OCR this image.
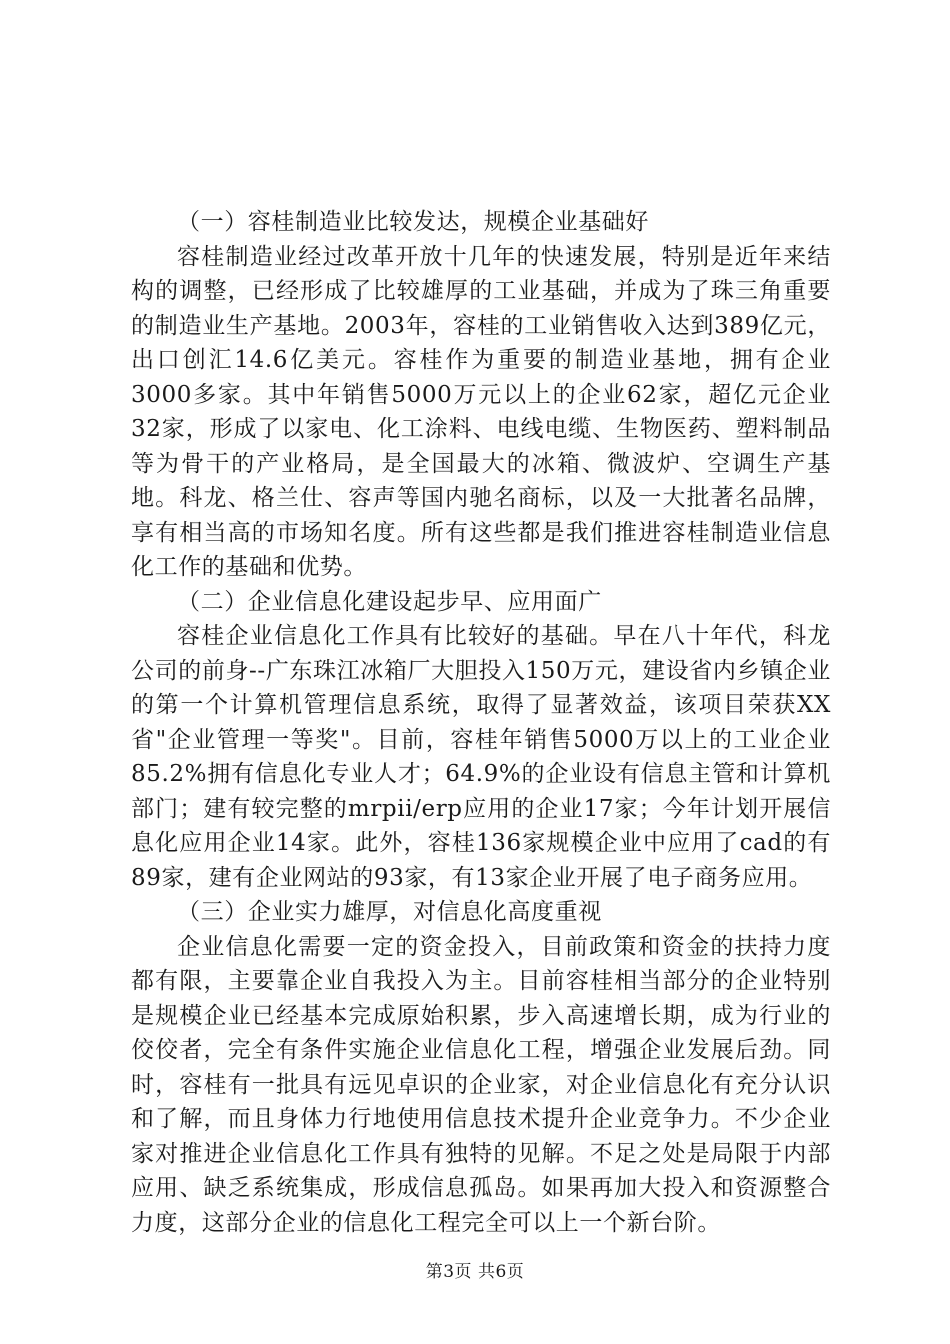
（一）容桂制造业比较发达，规模企业基础好

容桂制造业经过改革开放十几年的快速发展，特别是近年来结构的调整，已经形成了比较雄厚的工业基础，并成为了珠三角重要的制造业生产基地。2003年，容桂的工业销售收入达到389亿元，出口创汇14.6亿美元。容桂作为重要的制造业基地，拥有企业3000多家。其中年销售5000万元以上的企业62家，超亿元企业32家，形成了以家电、化工涂料、电线电缆、生物医药、塑料制品等为骨干的产业格局，是全国最大的冰箱、微波炉、空调生产基地。科龙、格兰仕、容声等国内驰名商标，以及一大批著名品牌，享有相当高的市场知名度。所有这些都是我们推进容桂制造业信息化工作的基础和优势。

（二）企业信息化建设起步早、应用面广

容桂企业信息化工作具有比较好的基础。早在八十年代，科龙公司的前身--广东珠江冰箱厂大胆投入150万元，建设省内乡镇企业的第一个计算机管理信息系统，取得了显著效益，该项目荣获XX省"企业管理一等奖"。目前，容桂年销售5000万以上的工业企业85.2%拥有信息化专业人才；64.9%的企业设有信息主管和计算机部门；建有较完整的mrpii/erp应用的企业17家；今年计划开展信息化应用企业14家。此外，容桂136家规模企业中应用了cad的有89家，建有企业网站的93家，有13家企业开展了电子商务应用。

（三）企业实力雄厚，对信息化高度重视

企业信息化需要一定的资金投入，目前政策和资金的扶持力度都有限，主要靠企业自我投入为主。目前容桂相当部分的企业特别是规模企业已经基本完成原始积累，步入高速增长期，成为行业的佼佼者，完全有条件实施企业信息化工程，增强企业发展后劲。同时，容桂有一批具有远见卓识的企业家，对企业信息化有充分认识和了解，而且身体力行地使用信息技术提升企业竞争力。不少企业家对推进企业信息化工作具有独特的见解。不足之处是局限于内部应用、缺乏系统集成，形成信息孤岛。如果再加大投入和资源整合力度，这部分企业的信息化工程完全可以上一个新台阶。

第3页 共6页
